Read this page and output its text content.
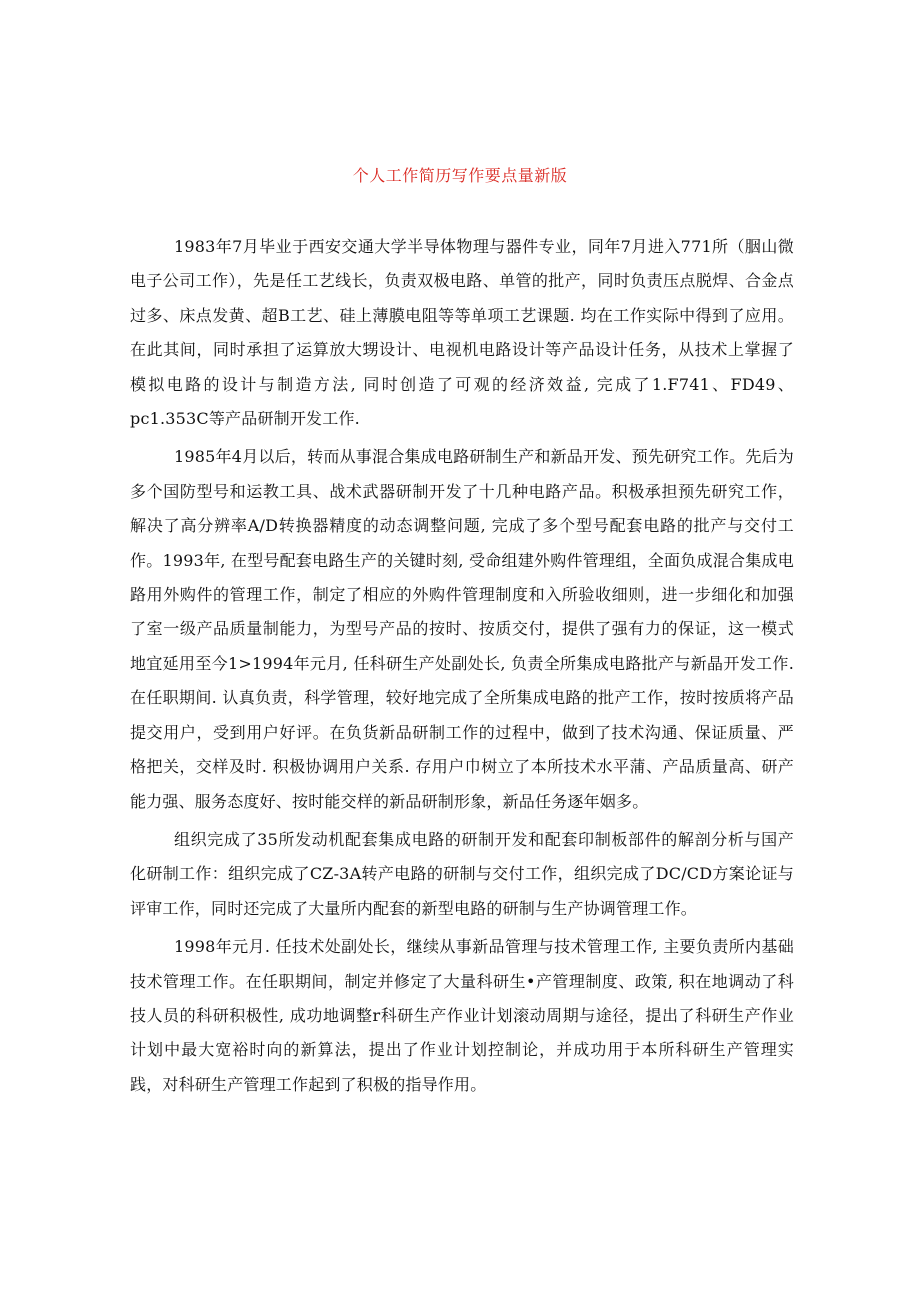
个人工作简历写作要点量新版

1983年7月毕业于西安交通大学半导体物理与器件专业，同年7月进入771所（胭山微电子公司工作），先是任工艺线长，负责双极电路、单管的批产，同时负责压点脱焊、合金点过多、床点发黄、超B工艺、硅上薄膜电阻等等单项工艺课题. 均在工作实际中得到了应用。在此其间，同时承担了运算放大甥设计、电视机电路设计等产品设计任务，从技术上掌握了模拟电路的设计与制造方法, 同时创造了可观的经济效益, 完成了1.F741、FD49、pc1.353C等产品研制开发工作.

1985年4月以后，转而从事混合集成电路研制生产和新品开发、预先研究工作。先后为多个国防型号和运教工具、战术武器研制开发了十几种电路产品。积极承担预先研究工作，解决了高分辨率A/D转换器精度的动态调整问题, 完成了多个型号配套电路的批产与交付工作。1993年, 在型号配套电路生产的关键时刻, 受命组建外购件管理组，全面负成混合集成电路用外购件的管理工作，制定了相应的外购件管理制度和入所验收细则，进一步细化和加强了室一级产品质量制能力，为型号产品的按时、按质交付，提供了强有力的保证，这一模式地宜延用至今1>1994年元月, 任科研生产处副处长, 负责全所集成电路批产与新晶开发工作. 在任职期间. 认真负责，科学管理，较好地完成了全所集成电路的批产工作，按时按质将产品提交用户，受到用户好评。在负货新品研制工作的过程中，做到了技术沟通、保证质量、严格把关，交样及时. 积极协调用户关系. 存用户巾树立了本所技术水平蒲、产品质量高、研产能力强、服务态度好、按时能交样的新品研制形象，新品任务逐年姻多。

组织完成了35所发动机配套集成电路的研制开发和配套印制板部件的解剖分析与国产化研制工作：组织完成了CZ-3A转产电路的研制与交付工作，组织完成了DC/CD方案论证与评审工作，同时还完成了大量所内配套的新型电路的研制与生产协调管理工作。

1998年元月. 任技术处副处长，继续从事新品管理与技术管理工作, 主要负责所内基础技术管理工作。在任职期间，制定并修定了大量科研生•产管理制度、政策, 积在地调动了科技人员的科研积极性, 成功地调整r科研生产作业计划滚动周期与途径，提出了科研生产作业计划中最大宽裕时向的新算法，提出了作业计划控制论，并成功用于本所科研生产管理实践，对科研生产管理工作起到了积极的指导作用。
